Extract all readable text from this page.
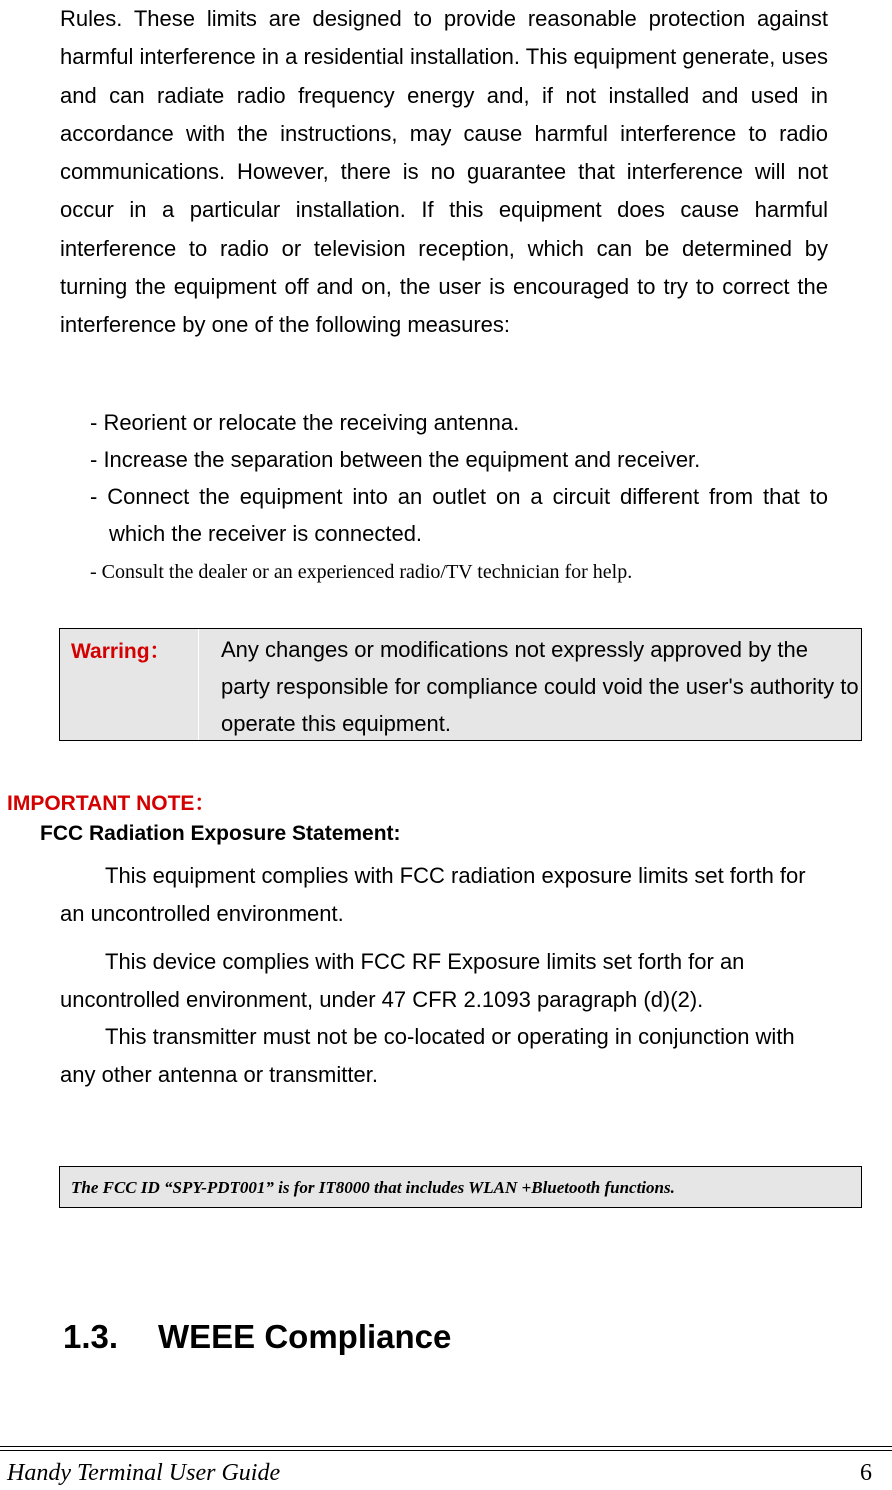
Rules. These limits are designed to provide reasonable protection against harmful interference in a residential installation. This equipment generate, uses and can radiate radio frequency energy and, if not installed and used in accordance with the instructions, may cause harmful interference to radio communications. However, there is no guarantee that interference will not occur in a particular installation. If this equipment does cause harmful interference to radio or television reception, which can be determined by turning the equipment off and on, the user is encouraged to try to correct the interference by one of the following measures:

- Reorient or relocate the receiving antenna.
- Increase the separation between the equipment and receiver.
- Connect the equipment into an outlet on a circuit different from that to which the receiver is connected.
- Consult the dealer or an experienced radio/TV technician for help.
Warring： Any changes or modifications not expressly approved by the party responsible for compliance could void the user's authority to operate this equipment.

IMPORTANT NOTE：
FCC Radiation Exposure Statement:

This equipment complies with FCC radiation exposure limits set forth for an uncontrolled environment.

This device complies with FCC RF Exposure limits set forth for an uncontrolled environment, under 47 CFR 2.1093 paragraph (d)(2).

This transmitter must not be co-located or operating in conjunction with any other antenna or transmitter.

The FCC ID “SPY-PDT001” is for IT8000 that includes WLAN +Bluetooth functions.
1.3. WEEE Compliance
Handy Terminal User Guide	6
